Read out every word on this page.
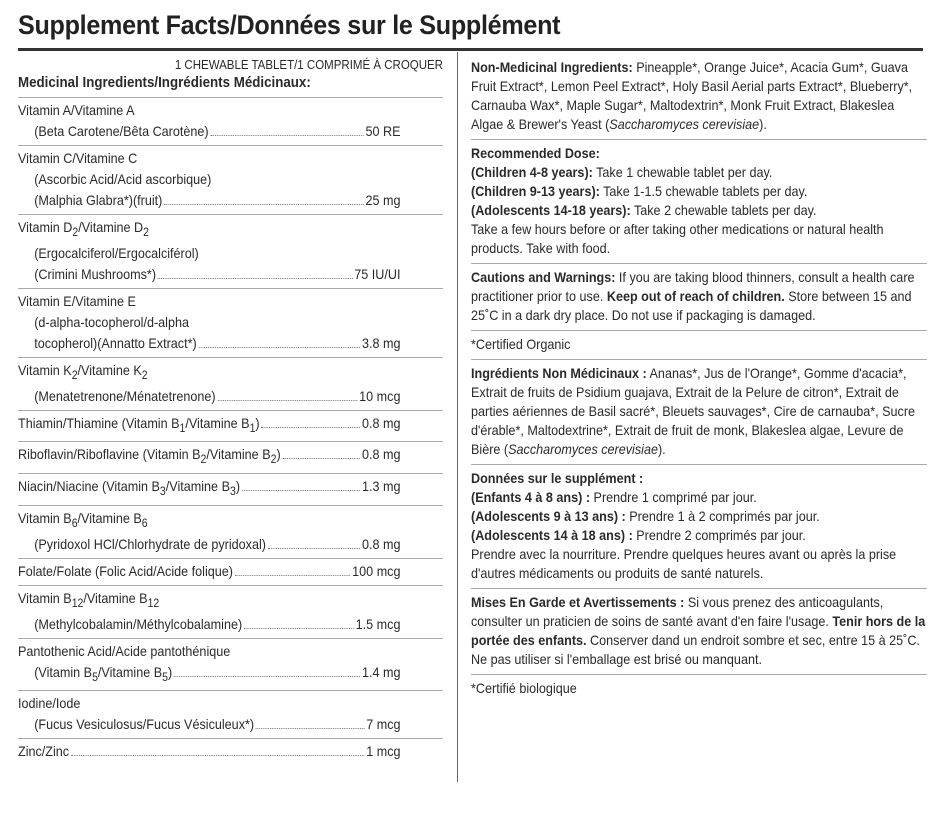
Supplement Facts/Données sur le Supplément
1 CHEWABLE TABLET/1 COMPRIMÉ À CROQUER
Medicinal Ingredients/Ingrédients Médicinaux:
Vitamin A/Vitamine A
(Beta Carotene/Bêta Carotène)	50 RE
Vitamin C/Vitamine C
(Ascorbic Acid/Acid ascorbique)
(Malphia Glabra*)(fruit)	25 mg
Vitamin $D_2$/Vitamine $D_2$
(Ergocalciferol/Ergocalciférol)
(Crimini Mushrooms*)	75 IU/UI
Vitamin E/Vitamine E
(d-alpha-tocopherol/d-alpha
tocopherol)(Annatto Extract*)	3.8 mg
Vitamin $K_2$/Vitamine $K_2$
(Menatetrenone/Ménatetrenone)	10 mcg
Thiamin/Thiamine (Vitamin $B_1$/Vitamine $B_1$)	0.8 mg
Riboflavin/Riboflavine (Vitamin $B_2$/Vitamine $B_2$)	0.8 mg
Niacin/Niacine (Vitamin $B_3$/Vitamine $B_3$)	1.3 mg
Vitamin $B_6$/Vitamine $B_6$
(Pyridoxol HCl/Chlorhydrate de pyridoxal)	0.8 mg
Folate/Folate (Folic Acid/Acide folique)	100 mcg
Vitamin $B_{12}$/Vitamine $B_{12}$
(Methylcobalamin/Méthylcobalamine)	1.5 mcg
Pantothenic Acid/Acide pantothénique
(Vitamin $B_5$/Vitamine $B_5$)	1.4 mg
Iodine/Iode
(Fucus Vesiculosus/Fucus Vésiculeux*)	7 mcg
Zinc/Zinc	1 mcg

Non-Medicinal Ingredients: Pineapple*, Orange Juice*, Acacia Gum*, Guava Fruit Extract*, Lemon Peel Extract*, Holy Basil Aerial parts Extract*, Blueberry*, Carnauba Wax*, Maple Sugar*, Maltodextrin*, Monk Fruit Extract, Blakeslea Algae & Brewer's Yeast (Saccharomyces cerevisiae).

Recommended Dose:

(Children 4-8 years): Take 1 chewable tablet per day.

(Children 9-13 years): Take 1-1.5 chewable tablets per day.

(Adolescents 14-18 years): Take 2 chewable tablets per day.

Take a few hours before or after taking other medications or natural health products. Take with food.

Cautions and Warnings: If you are taking blood thinners, consult a health care practitioner prior to use. Keep out of reach of children. Store between 15 and 25˚C in a dark dry place. Do not use if packaging is damaged.

*Certified Organic

Ingrédients Non Médicinaux : Ananas*, Jus de l'Orange*, Gomme d'acacia*, Extrait de fruits de Psidium guajava, Extrait de la Pelure de citron*, Extrait de parties aériennes de Basil sacré*, Bleuets sauvages*, Cire de carnauba*, Sucre d'érable*, Maltodextrine*, Extrait de fruit de monk, Blakeslea algae, Levure de Bière (Saccharomyces cerevisiae).

Données sur le supplément :

(Enfants 4 à 8 ans) : Prendre 1 comprimé par jour.

(Adolescents 9 à 13 ans) : Prendre 1 à 2 comprimés par jour.

(Adolescents 14 à 18 ans) : Prendre 2 comprimés par jour.

Prendre avec la nourriture. Prendre quelques heures avant ou après la prise d'autres médicaments ou produits de santé naturels.

Mises En Garde et Avertissements : Si vous prenez des anticoagulants, consulter un praticien de soins de santé avant d'en faire l'usage. Tenir hors de la portée des enfants. Conserver dand un endroit sombre et sec, entre 15 à 25˚C. Ne pas utiliser si l'emballage est brisé ou manquant.

*Certifié biologique
